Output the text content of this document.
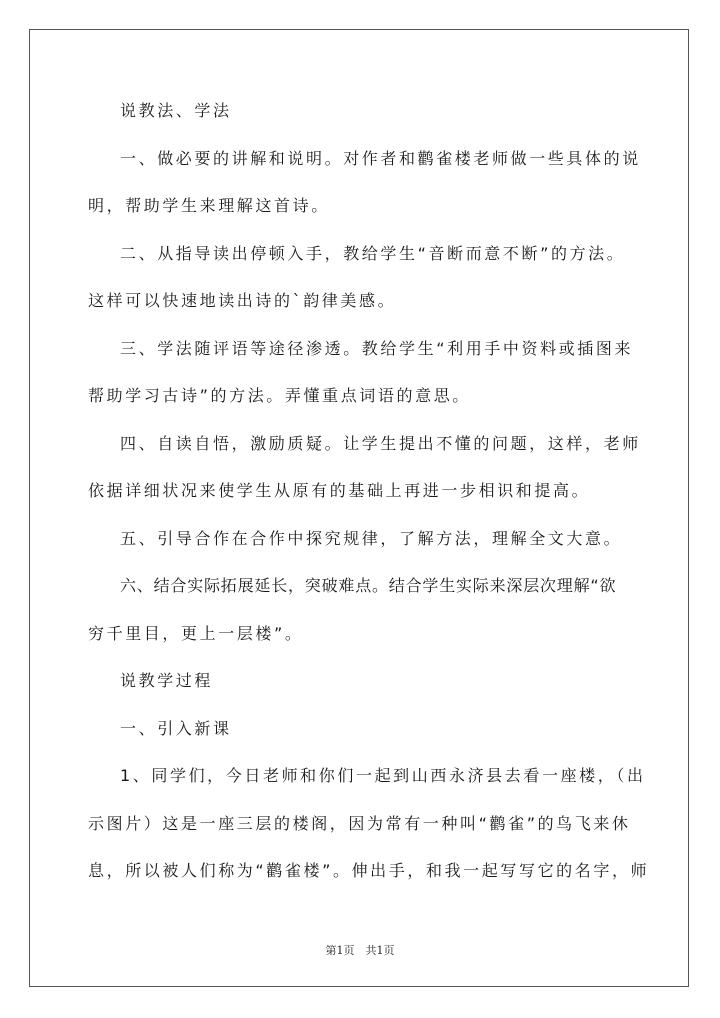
说教法、学法
一、做必要的讲解和说明。对作者和鹳雀楼老师做一些具体的说
明，帮助学生来理解这首诗。
二、从指导读出停顿入手，教给学生“音断而意不断”的方法。
这样可以快速地读出诗的`韵律美感。
三、学法随评语等途径渗透。教给学生“利用手中资料或插图来
帮助学习古诗”的方法。弄懂重点词语的意思。
四、自读自悟，激励质疑。让学生提出不懂的问题，这样，老师
依据详细状况来使学生从原有的基础上再进一步相识和提高。
五、引导合作在合作中探究规律，了解方法，理解全文大意。
六、结合实际拓展延长，突破难点。结合学生实际来深层次理解“欲
穷千里目，更上一层楼”。
说教学过程
一、引入新课
1、同学们，今日老师和你们一起到山西永济县去看一座楼，（出
示图片）这是一座三层的楼阁，因为常有一种叫“鹳雀”的鸟飞来休
息，所以被人们称为“鹳雀楼”。伸出手，和我一起写写它的名字，师
第1页　共1页
